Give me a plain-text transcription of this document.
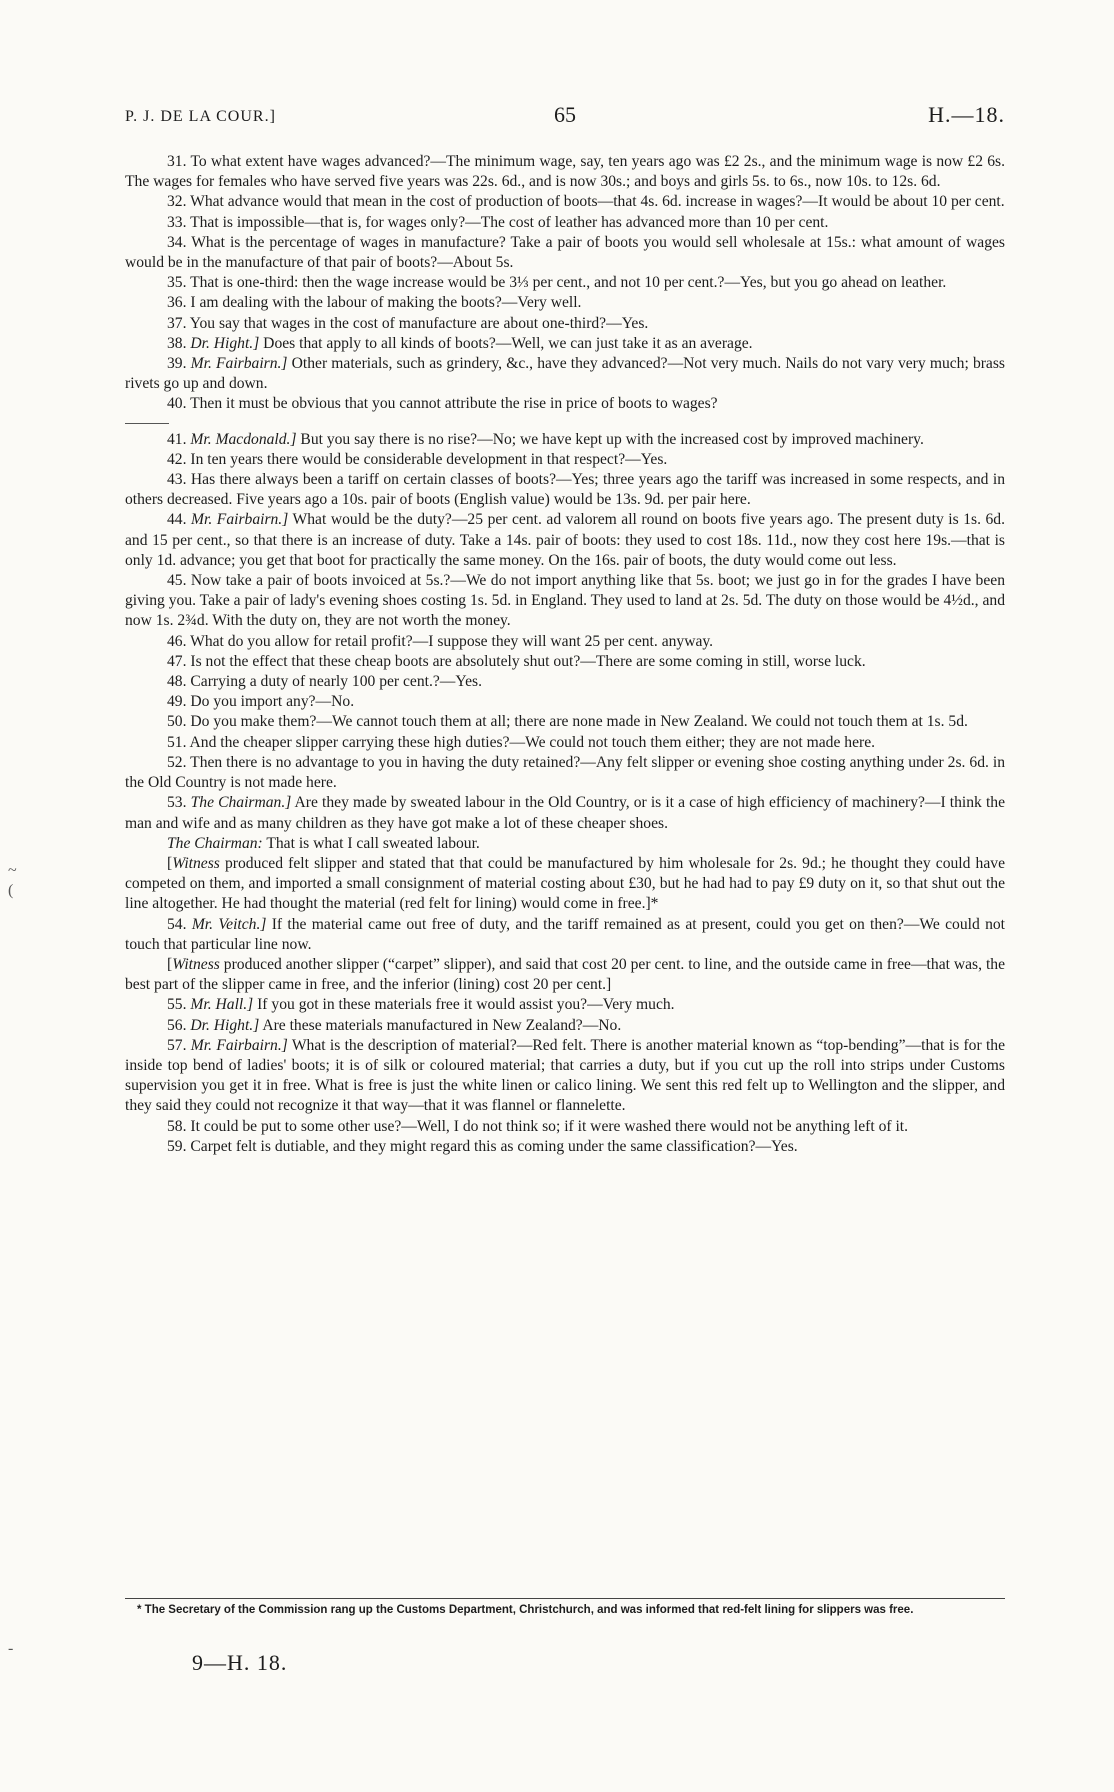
~
(
-
P. J. DE LA COUR.]	65	H.—18.

31. To what extent have wages advanced?—The minimum wage, say, ten years ago was £2 2s., and the minimum wage is now £2 6s. The wages for females who have served five years was 22s. 6d., and is now 30s.; and boys and girls 5s. to 6s., now 10s. to 12s. 6d.

32. What advance would that mean in the cost of production of boots—that 4s. 6d. increase in wages?—It would be about 10 per cent.

33. That is impossible—that is, for wages only?—The cost of leather has advanced more than 10 per cent.

34. What is the percentage of wages in manufacture? Take a pair of boots you would sell wholesale at 15s.: what amount of wages would be in the manufacture of that pair of boots?—About 5s.

35. That is one-third: then the wage increase would be 3⅓ per cent., and not 10 per cent.?—Yes, but you go ahead on leather.

36. I am dealing with the labour of making the boots?—Very well.

37. You say that wages in the cost of manufacture are about one-third?—Yes.

38. Dr. Hight.] Does that apply to all kinds of boots?—Well, we can just take it as an average.

39. Mr. Fairbairn.] Other materials, such as grindery, &c., have they advanced?—Not very much. Nails do not vary very much; brass rivets go up and down.

40. Then it must be obvious that you cannot attribute the rise in price of boots to wages?

41. Mr. Macdonald.] But you say there is no rise?—No; we have kept up with the increased cost by improved machinery.

42. In ten years there would be considerable development in that respect?—Yes.

43. Has there always been a tariff on certain classes of boots?—Yes; three years ago the tariff was increased in some respects, and in others decreased. Five years ago a 10s. pair of boots (English value) would be 13s. 9d. per pair here.

44. Mr. Fairbairn.] What would be the duty?—25 per cent. ad valorem all round on boots five years ago. The present duty is 1s. 6d. and 15 per cent., so that there is an increase of duty. Take a 14s. pair of boots: they used to cost 18s. 11d., now they cost here 19s.—that is only 1d. advance; you get that boot for practically the same money. On the 16s. pair of boots, the duty would come out less.

45. Now take a pair of boots invoiced at 5s.?—We do not import anything like that 5s. boot; we just go in for the grades I have been giving you. Take a pair of lady's evening shoes costing 1s. 5d. in England. They used to land at 2s. 5d. The duty on those would be 4½d., and now 1s. 2¾d. With the duty on, they are not worth the money.

46. What do you allow for retail profit?—I suppose they will want 25 per cent. anyway.

47. Is not the effect that these cheap boots are absolutely shut out?—There are some coming in still, worse luck.

48. Carrying a duty of nearly 100 per cent.?—Yes.

49. Do you import any?—No.

50. Do you make them?—We cannot touch them at all; there are none made in New Zealand. We could not touch them at 1s. 5d.

51. And the cheaper slipper carrying these high duties?—We could not touch them either; they are not made here.

52. Then there is no advantage to you in having the duty retained?—Any felt slipper or evening shoe costing anything under 2s. 6d. in the Old Country is not made here.

53. The Chairman.] Are they made by sweated labour in the Old Country, or is it a case of high efficiency of machinery?—I think the man and wife and as many children as they have got make a lot of these cheaper shoes.

The Chairman: That is what I call sweated labour.

[Witness produced felt slipper and stated that that could be manufactured by him wholesale for 2s. 9d.; he thought they could have competed on them, and imported a small consignment of material costing about £30, but he had had to pay £9 duty on it, so that shut out the line altogether. He had thought the material (red felt for lining) would come in free.]*

54. Mr. Veitch.] If the material came out free of duty, and the tariff remained as at present, could you get on then?—We could not touch that particular line now.

[Witness produced another slipper (“carpet” slipper), and said that cost 20 per cent. to line, and the outside came in free—that was, the best part of the slipper came in free, and the inferior (lining) cost 20 per cent.]

55. Mr. Hall.] If you got in these materials free it would assist you?—Very much.

56. Dr. Hight.] Are these materials manufactured in New Zealand?—No.

57. Mr. Fairbairn.] What is the description of material?—Red felt. There is another material known as “top-bending”—that is for the inside top bend of ladies' boots; it is of silk or coloured material; that carries a duty, but if you cut up the roll into strips under Customs supervision you get it in free. What is free is just the white linen or calico lining. We sent this red felt up to Wellington and the slipper, and they said they could not recognize it that way—that it was flannel or flannelette.

58. It could be put to some other use?—Well, I do not think so; if it were washed there would not be anything left of it.

59. Carpet felt is dutiable, and they might regard this as coming under the same classification?—Yes.

* The Secretary of the Commission rang up the Customs Department, Christchurch, and was informed that red-felt lining for slippers was free.

9—H. 18.
